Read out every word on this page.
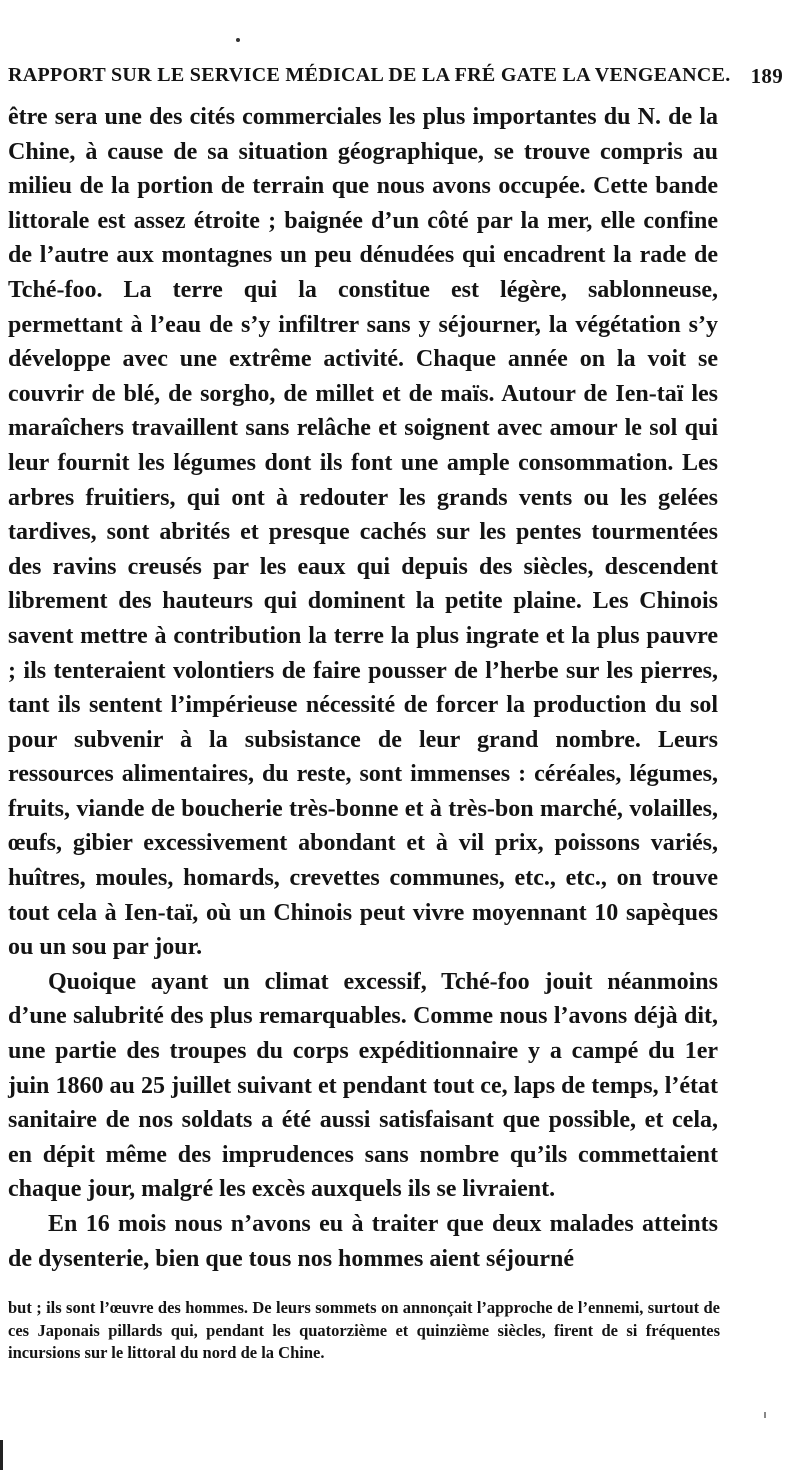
RAPPORT SUR LE SERVICE MÉDICAL DE LA FRÉ GATE LA VENGEANCE. 189

être sera une des cités commerciales les plus importantes du N. de la Chine, à cause de sa situation géographique, se trouve compris au milieu de la portion de terrain que nous avons occupée. Cette bande littorale est assez étroite ; baignée d’un côté par la mer, elle confine de l’autre aux montagnes un peu dénudées qui encadrent la rade de Tché-foo. La terre qui la constitue est légère, sablonneuse, permettant à l’eau de s’y infiltrer sans y séjourner, la végétation s’y développe avec une extrême activité. Chaque année on la voit se couvrir de blé, de sorgho, de millet et de maïs. Autour de Ien-taï les maraîchers travaillent sans relâche et soignent avec amour le sol qui leur fournit les légumes dont ils font une ample consommation. Les arbres fruitiers, qui ont à redouter les grands vents ou les gelées tardives, sont abrités et presque cachés sur les pentes tourmentées des ravins creusés par les eaux qui depuis des siècles, descendent librement des hauteurs qui dominent la petite plaine. Les Chinois savent mettre à contribution la terre la plus ingrate et la plus pauvre ; ils tenteraient volontiers de faire pousser de l’herbe sur les pierres, tant ils sentent l’impérieuse nécessité de forcer la production du sol pour subvenir à la subsistance de leur grand nombre. Leurs ressources alimentaires, du reste, sont immenses : céréales, légumes, fruits, viande de boucherie très-bonne et à très-bon marché, volailles, œufs, gibier excessivement abondant et à vil prix, poissons variés, huîtres, moules, homards, crevettes communes, etc., etc., on trouve tout cela à Ien-taï, où un Chinois peut vivre moyennant 10 sapèques ou un sou par jour.

Quoique ayant un climat excessif, Tché-foo jouit néanmoins d’une salubrité des plus remarquables. Comme nous l’avons déjà dit, une partie des troupes du corps expéditionnaire y a campé du 1er juin 1860 au 25 juillet suivant et pendant tout ce, laps de temps, l’état sanitaire de nos soldats a été aussi satisfaisant que possible, et cela, en dépit même des imprudences sans nombre qu’ils commettaient chaque jour, malgré les excès auxquels ils se livraient.

En 16 mois nous n’avons eu à traiter que deux malades atteints de dysenterie, bien que tous nos hommes aient séjourné

but ; ils sont l’œuvre des hommes. De leurs sommets on annonçait l’approche de l’ennemi, surtout de ces Japonais pillards qui, pendant les quatorzième et quinzième siècles, firent de si fréquentes incursions sur le littoral du nord de la Chine.
